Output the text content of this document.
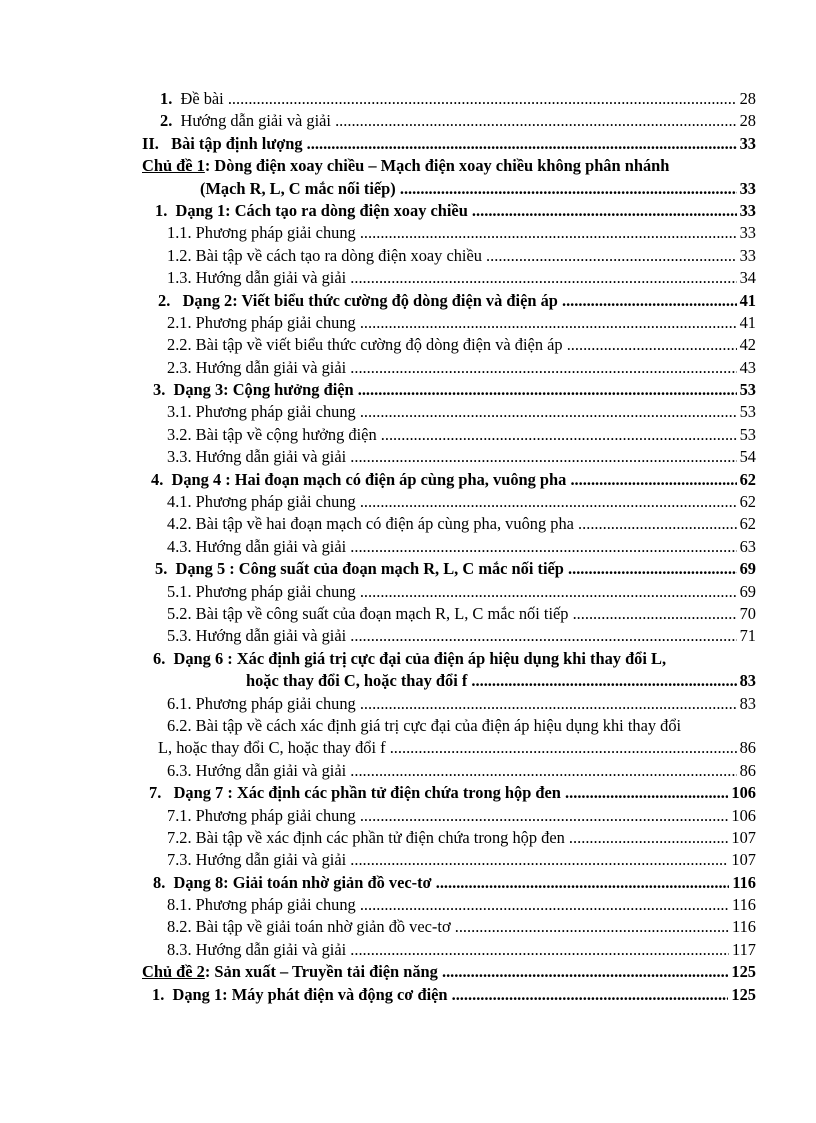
1. Đề bài .....	28
2. Hướng dẫn giải và giải .....	28
II. Bài tập định lượng .....	33
Chủ đề 1: Dòng điện xoay chiều – Mạch điện xoay chiều không phân nhánh
(Mạch R, L, C mắc nối tiếp) .....	33
1. Dạng 1: Cách tạo ra dòng điện xoay chiều .....	33
1.1. Phương pháp giải chung .....	33
1.2. Bài tập về cách tạo ra dòng điện xoay chiều .....	33
1.3. Hướng dẫn giải và giải .....	34
2. Dạng 2: Viết biểu thức cường độ dòng điện và điện áp .....	41
2.1. Phương pháp giải chung .....	41
2.2. Bài tập về viết biểu thức cường độ dòng điện và điện áp .....	42
2.3. Hướng dẫn giải và giải .....	43
3. Dạng 3: Cộng hưởng điện .....	53
3.1. Phương pháp giải chung .....	53
3.2. Bài tập về cộng hưởng điện .....	53
3.3. Hướng dẫn giải và giải .....	54
4. Dạng 4 : Hai đoạn mạch có điện áp cùng pha, vuông pha .....	62
4.1. Phương pháp giải chung .....	62
4.2. Bài tập về hai đoạn mạch có điện áp cùng pha, vuông pha .....	62
4.3. Hướng dẫn giải và giải .....	63
5. Dạng 5 : Công suất của đoạn mạch R, L, C mắc nối tiếp .....	69
5.1. Phương pháp giải chung .....	69
5.2. Bài tập về công suất của đoạn mạch R, L, C mắc nối tiếp .....	70
5.3. Hướng dẫn giải và giải .....	71
6. Dạng 6 : Xác định giá trị cực đại của điện áp hiệu dụng khi thay đổi L,
hoặc thay đổi C, hoặc thay đổi f .....	83
6.1. Phương pháp giải chung .....	83
6.2. Bài tập về cách xác định giá trị cực đại của điện áp hiệu dụng khi thay đổi
L, hoặc thay đổi C, hoặc thay đổi f .....	86
6.3. Hướng dẫn giải và giải .....	86
7. Dạng 7 : Xác định các phần tử điện chứa trong hộp đen .....	106
7.1. Phương pháp giải chung .....	106
7.2. Bài tập về xác định các phần tử điện chứa trong hộp đen .....	107
7.3. Hướng dẫn giải và giải .....	107
8. Dạng 8: Giải toán nhờ giản đồ vec-tơ .....	116
8.1. Phương pháp giải chung .....	116
8.2. Bài tập về giải toán nhờ giản đồ vec-tơ .....	116
8.3. Hướng dẫn giải và giải .....	117
Chủ đề 2: Sản xuất – Truyền tải điện năng .....	125
1. Dạng 1: Máy phát điện và động cơ điện .....	125
